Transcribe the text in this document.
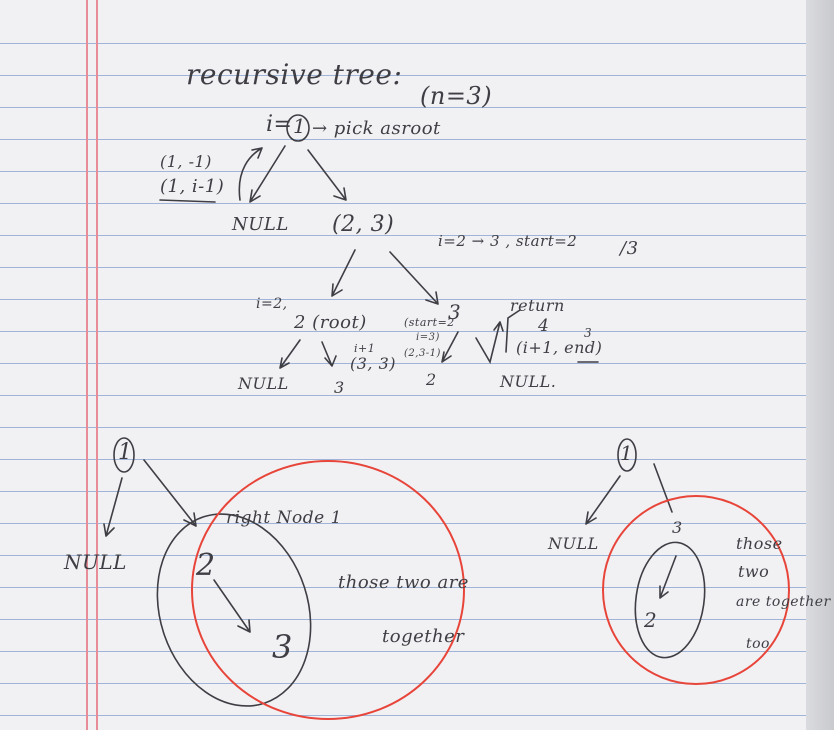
recursive tree:
(n=3)
i= 1 → pick asroot
(1, -1)
(1, i-1)
NULL (2, 3)
i=2 → 3 , start=2 /3
i=2,
2 (root)	(start=2
i=3)
3	return
4	3
(i+1, end)
NULL
i+1
(3, 3)
3
(2,3-1)
2	NULL.
1
NULL
right Node 1
2
3
those two are
together
1
NULL
3
2
those
two
are together
too
